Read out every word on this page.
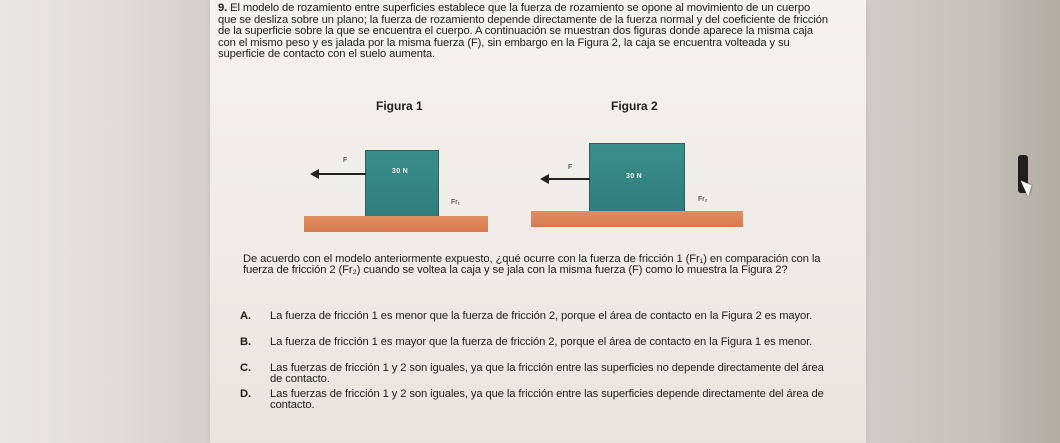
9. El modelo de rozamiento entre superficies establece que la fuerza de rozamiento se opone al movimiento de un cuerpo que se desliza sobre un plano; la fuerza de rozamiento depende directamente de la fuerza normal y del coeficiente de fricción de la superficie sobre la que se encuentra el cuerpo. A continuación se muestran dos figuras donde aparece la misma caja con el mismo peso y es jalada por la misma fuerza (F), sin embargo en la Figura 2, la caja se encuentra volteada y su superficie de contacto con el suelo aumenta.
Figura 1
30 N
F
Fr₁
Figura 2
30 N
F
Fr₂
De acuerdo con el modelo anteriormente expuesto, ¿qué ocurre con la fuerza de fricción 1 (Fr₁) en comparación con la fuerza de fricción 2 (Fr₂) cuando se voltea la caja y se jala con la misma fuerza (F) como lo muestra la Figura 2?
A.	La fuerza de fricción 1 es menor que la fuerza de fricción 2, porque el área de contacto en la Figura 2 es mayor.
B.	La fuerza de fricción 1 es mayor que la fuerza de fricción 2, porque el área de contacto en la Figura 1 es menor.
C.	Las fuerzas de fricción 1 y 2 son iguales, ya que la fricción entre las superficies no depende directamente del área de contacto.
D.	Las fuerzas de fricción 1 y 2 son iguales, ya que la fricción entre las superficies depende directamente del área de contacto.
